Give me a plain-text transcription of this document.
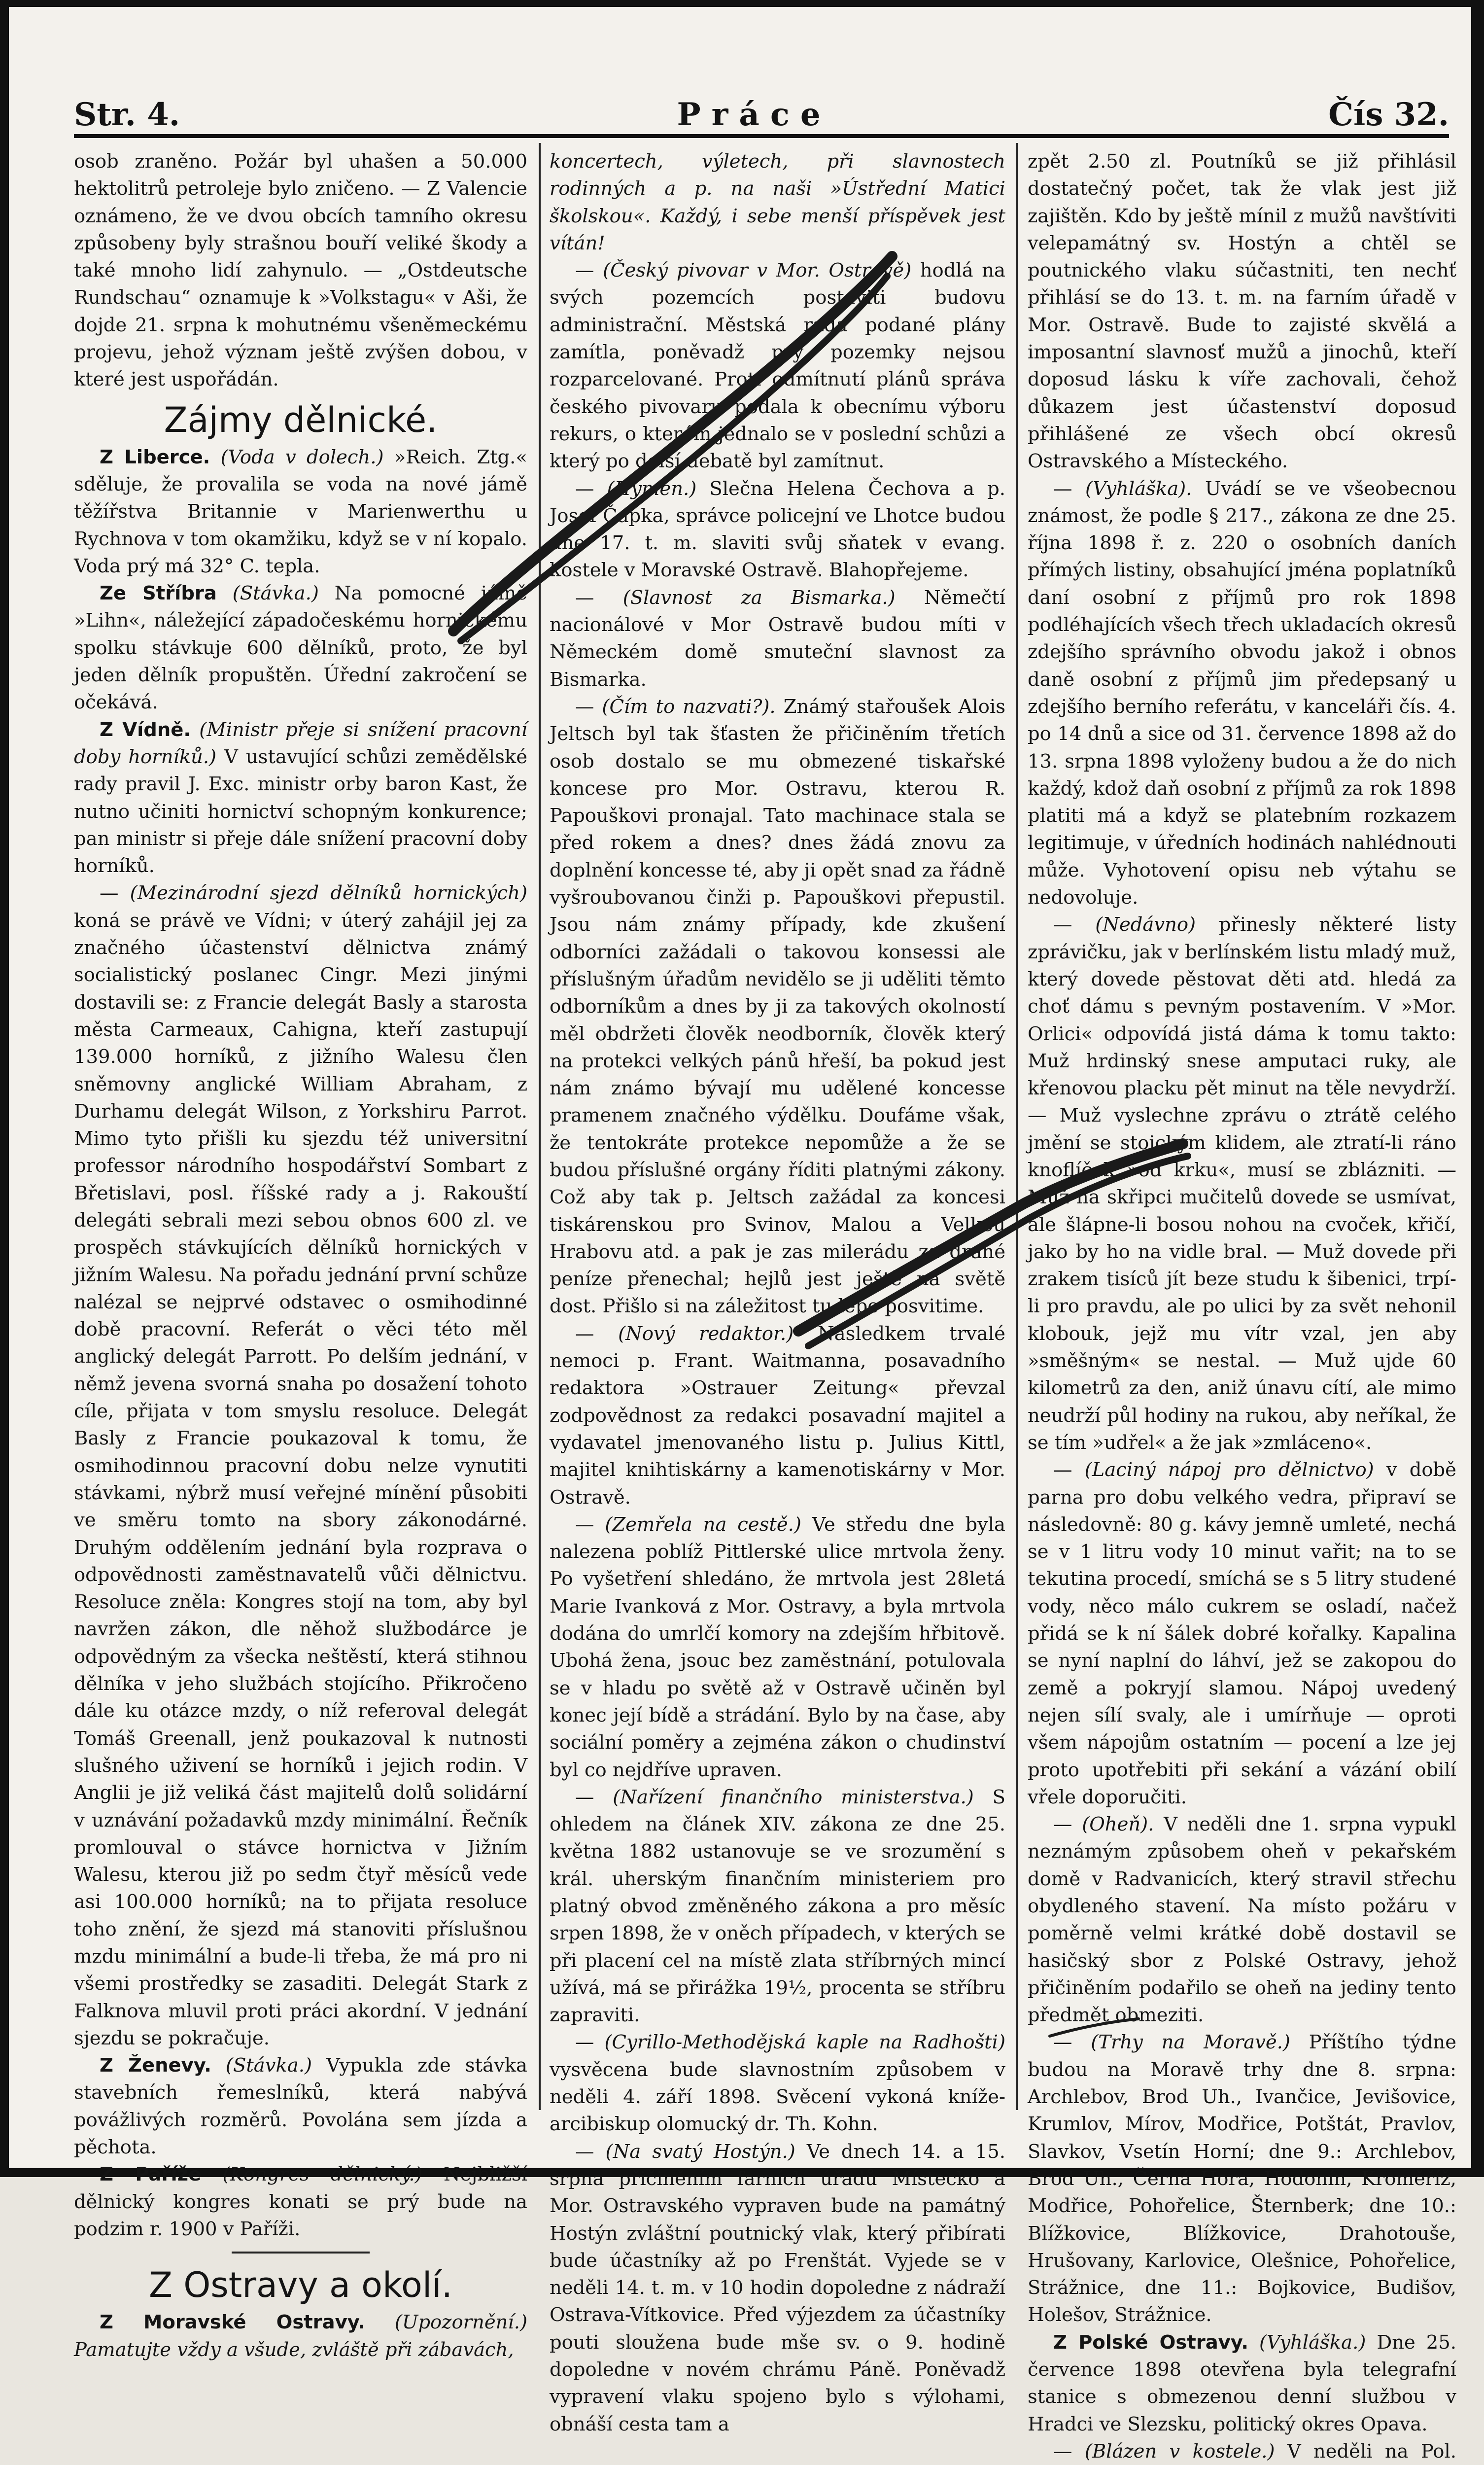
Str. 4.	Práce	Čís 32.

osob zraněno. Požár byl uhašen a 50.000 hektolitrů petroleje bylo zničeno. — Z Valencie oznámeno, že ve dvou obcích tamního okresu způsobeny byly strašnou bouří veliké škody a také mnoho lidí zahynulo. — „Ostdeutsche Rundschau“ oznamuje k »Volkstagu« v Aši, že dojde 21. srpna k mohutnému všeněmeckému projevu, jehož význam ještě zvýšen dobou, v které jest uspořádán.

Zájmy dělnické.

Z Liberce. (Voda v dolech.) »Reich. Ztg.« sděluje, že provalila se voda na nové jámě těžířstva Britannie v Marienwerthu u Rychnova v tom okamžiku, když se v ní kopalo. Voda prý má 32° C. tepla.

Ze Stříbra (Stávka.) Na pomocné jámě »Lihn«, náležející západočeskému hornickému spolku stávkuje 600 dělníků, proto, že byl jeden dělník propuštěn. Úřední zakročení se očekává.

Z Vídně. (Ministr přeje si snížení pracovní doby horníků.) V ustavující schůzi zemědělské rady pravil J. Exc. ministr orby baron Kast, že nutno učiniti hornictví schopným konkurence; pan ministr si přeje dále snížení pracovní doby horníků.

— (Mezinárodní sjezd dělníků hornických) koná se právě ve Vídni; v úterý zahájil jej za značného účastenství dělnictva známý socialistický poslanec Cingr. Mezi jinými dostavili se: z Francie delegát Basly a starosta města Carmeaux, Cahigna, kteří zastupují 139.000 horníků, z jižního Walesu člen sněmovny anglické William Abraham, z Durhamu delegát Wilson, z Yorkshiru Parrot. Mimo tyto přišli ku sjezdu též universitní professor národního hospodářství Sombart z Břetislavi, posl. říšské rady a j. Rakouští delegáti sebrali mezi sebou obnos 600 zl. ve prospěch stávkujících dělníků hornických v jižním Walesu. Na pořadu jednání první schůze nalézal se nejprvé odstavec o osmihodinné době pracovní. Referát o věci této měl anglický delegát Parrott. Po delším jednání, v němž jevena svorná snaha po dosažení tohoto cíle, přijata v tom smyslu resoluce. Delegát Basly z Francie poukazoval k tomu, že osmihodinnou pracovní dobu nelze vynutiti stávkami, nýbrž musí veřejné mínění působiti ve směru tomto na sbory zákonodárné. Druhým oddělením jednání byla rozprava o odpovědnosti zaměstnavatelů vůči dělnictvu. Resoluce zněla: Kongres stojí na tom, aby byl navržen zákon, dle něhož službodárce je odpovědným za všecka neštěstí, která stihnou dělníka v jeho službách stojícího. Přikročeno dále ku otázce mzdy, o níž referoval delegát Tomáš Greenall, jenž poukazoval k nutnosti slušného uživení se horníků i jejich rodin. V Anglii je již veliká část majitelů dolů solidární v uznávání požadavků mzdy minimální. Řečník promlouval o stávce hornictva v Jižním Walesu, kterou již po sedm čtyř měsíců vede asi 100.000 horníků; na to přijata resoluce toho znění, že sjezd má stanoviti příslušnou mzdu minimální a bude-li třeba, že má pro ni všemi prostředky se zasaditi. Delegát Stark z Falknova mluvil proti práci akordní. V jednání sjezdu se pokračuje.

Z Ženevy. (Stávka.) Vypukla zde stávka stavebních řemeslníků, která nabývá povážlivých rozměrů. Povolána sem jízda a pěchota.

Z Paříže (Kongres dělnický.) Nejbližší dělnický kongres konati se prý bude na podzim r. 1900 v Paříži.

Z Ostravy a okolí.

Z Moravské Ostravy. (Upozornění.) Pamatujte vždy a všude, zvláště při zábavách,

koncertech, výletech, při slavnostech rodinných a p. na naši »Ústřední Matici školskou«. Každý, i sebe menší příspěvek jest vítán!

— (Český pivovar v Mor. Ostravě) hodlá na svých pozemcích postaviti budovu administrační. Městská rada podané plány zamítla, poněvadž prý pozemky nejsou rozparcelované. Proti odmítnutí plánů správa českého pivovaru podala k obecnímu výboru rekurs, o kterém jednalo se v poslední schůzi a který po delší debatě byl zamítnut.

— (Hymen.) Slečna Helena Čechova a p. Josef Čapka, správce policejní ve Lhotce budou dne 17. t. m. slaviti svůj sňatek v evang. kostele v Moravské Ostravě. Blahopřejeme.

— (Slavnost za Bismarka.) Němečtí nacionálové v Mor Ostravě budou míti v Německém domě smuteční slavnost za Bismarka.

— (Čím to nazvati?). Známý stařoušek Alois Jeltsch byl tak šťasten že přičiněním třetích osob dostalo se mu obmezené tiskařské koncese pro Mor. Ostravu, kterou R. Papouškovi pronajal. Tato machinace stala se před rokem a dnes? dnes žádá znovu za doplnění koncesse té, aby ji opět snad za řádně vyšroubovanou činži p. Papouškovi přepustil. Jsou nám známy případy, kde zkušení odborníci zažádali o takovou konsessi ale příslušným úřadům nevidělo se ji uděliti těmto odborníkům a dnes by ji za takových okolností měl obdržeti člověk neodborník, člověk který na protekci velkých pánů hřeší, ba pokud jest nám známo bývají mu udělené koncesse pramenem značného výdělku. Doufáme však, že tentokráte protekce nepomůže a že se budou příslušné orgány říditi platnými zákony. Což aby tak p. Jeltsch zažádal za koncesi tiskárenskou pro Svinov, Malou a Velkou Hrabovu atd. a pak je zas milerádu za drahé peníze přenechal; hejlů jest ještě na světě dost. Přišlo si na záležitost tu lépe posvitime.

— (Nový redaktor.) Následkem trvalé nemoci p. Frant. Waitmanna, posavadního redaktora »Ostrauer Zeitung« převzal zodpovědnost za redakci posavadní majitel a vydavatel jmenovaného listu p. Julius Kittl, majitel knihtiskárny a kamenotiskárny v Mor. Ostravě.

— (Zemřela na cestě.) Ve středu dne byla nalezena poblíž Pittlerské ulice mrtvola ženy. Po vyšetření shledáno, že mrtvola jest 28letá Marie Ivanková z Mor. Ostravy, a byla mrtvola dodána do umrlčí komory na zdejším hřbitově. Ubohá žena, jsouc bez zaměstnání, potulovala se v hladu po světě až v Ostravě učiněn byl konec její bídě a strádání. Bylo by na čase, aby sociální poměry a zejména zákon o chudinství byl co nejdříve upraven.

— (Nařízení finančního ministerstva.) S ohledem na článek XIV. zákona ze dne 25. května 1882 ustanovuje se ve srozumění s král. uherským finančním ministeriem pro platný obvod změněného zákona a pro měsíc srpen 1898, že v oněch případech, v kterých se při placení cel na místě zlata stříbrných mincí užívá, má se přirážka 19½, procenta se stříbru zapraviti.

— (Cyrillo-Methodějská kaple na Radhošti) vysvěcena bude slavnostním způsobem v neděli 4. září 1898. Svěcení vykoná kníže-arcibiskup olomucký dr. Th. Kohn.

— (Na svatý Hostýn.) Ve dnech 14. a 15. srpna přičiněním farních úřadů Místecko a Mor. Ostravského vypraven bude na památný Hostýn zvláštní poutnický vlak, který přibírati bude účastníky až po Frenštát. Vyjede se v neděli 14. t. m. v 10 hodin dopoledne z nádraží Ostrava-Vítkovice. Před výjezdem za účastníky pouti sloužena bude mše sv. o 9. hodině dopoledne v novém chrámu Páně. Poněvadž vypravení vlaku spojeno bylo s výlohami, obnáší cesta tam a

zpět 2.50 zl. Poutníků se již přihlásil dostatečný počet, tak že vlak jest již zajištěn. Kdo by ještě mínil z mužů navštíviti velepamátný sv. Hostýn a chtěl se poutnického vlaku súčastniti, ten nechť přihlásí se do 13. t. m. na farním úřadě v Mor. Ostravě. Bude to zajisté skvělá a imposantní slavnosť mužů a jinochů, kteří doposud lásku k víře zachovali, čehož důkazem jest účastenství doposud přihlášené ze všech obcí okresů Ostravského a Místeckého.

— (Vyhláška). Uvádí se ve všeobecnou známost, že podle § 217., zákona ze dne 25. října 1898 ř. z. 220 o osobních daních přímých listiny, obsahující jména poplatníků daní osobní z příjmů pro rok 1898 podléhajících všech třech ukladacích okresů zdejšího správního obvodu jakož i obnos daně osobní z příjmů jim předepsaný u zdejšího berního referátu, v kanceláři čís. 4. po 14 dnů a sice od 31. července 1898 až do 13. srpna 1898 vyloženy budou a že do nich každý, kdož daň osobní z příjmů za rok 1898 platiti má a když se platebním rozkazem legitimuje, v úředních hodinách nahlédnouti může. Vyhotovení opisu neb výtahu se nedovoluje.

— (Nedávno) přinesly některé listy zprávičku, jak v berlínském listu mladý muž, který dovede pěstovat děti atd. hledá za choť dámu s pevným postavením. V »Mor. Orlici« odpovídá jistá dáma k tomu takto: Muž hrdinský snese amputaci ruky, ale křenovou placku pět minut na těle nevydrží. — Muž vyslechne zprávu o ztrátě celého jmění se stoickým klidem, ale ztratí-li ráno knoflíček »od krku«, musí se zblázniti. — Muž na skřipci mučitelů dovede se usmívat, ale šlápne-li bosou nohou na cvoček, křičí, jako by ho na vidle bral. — Muž dovede při zrakem tisíců jít beze studu k šibenici, trpí-li pro pravdu, ale po ulici by za svět nehonil klobouk, jejž mu vítr vzal, jen aby »směšným« se nestal. — Muž ujde 60 kilometrů za den, aniž únavu cítí, ale mimo neudrží půl hodiny na rukou, aby neříkal, že se tím »udřel« a že jak »zmláceno«.

— (Laciný nápoj pro dělnictvo) v době parna pro dobu velkého vedra, připraví se následovně: 80 g. kávy jemně umleté, nechá se v 1 litru vody 10 minut vařit; na to se tekutina procedí, smíchá se s 5 litry studené vody, něco málo cukrem se osladí, načež přidá se k ní šálek dobré kořalky. Kapalina se nyní naplní do láhví, jež se zakopou do země a pokryjí slamou. Nápoj uvedený nejen sílí svaly, ale i umírňuje — oproti všem nápojům ostatním — pocení a lze jej proto upotřebiti při sekání a vázání obilí vřele doporučiti.

— (Oheň). V neděli dne 1. srpna vypukl neznámým způsobem oheň v pekařském domě v Radvanicích, který stravil střechu obydleného stavení. Na místo požáru v poměrně velmi krátké době dostavil se hasičský sbor z Polské Ostravy, jehož přičiněním podařilo se oheň na jediny tento předmět obmeziti.

— (Trhy na Moravě.) Příštího týdne budou na Moravě trhy dne 8. srpna: Archlebov, Brod Uh., Ivančice, Jevišovice, Krumlov, Mírov, Modřice, Potštát, Pravlov, Slavkov, Vsetín Horní; dne 9.: Archlebov, Brod Uh., Černá Hora, Hodonín, Kroměříž, Modřice, Pohořelice, Šternberk; dne 10.: Blížkovice, Blížkovice, Drahotouše, Hrušovany, Karlovice, Olešnice, Pohořelice, Strážnice, dne 11.: Bojkovice, Budišov, Holešov, Strážnice.

Z Polské Ostravy. (Vyhláška.) Dne 25. července 1898 otevřena byla telegrafní stanice s obmezenou denní službou v Hradci ve Slezsku, politický okres Opava.

— (Blázen v kostele.) V neděli na Pol.
